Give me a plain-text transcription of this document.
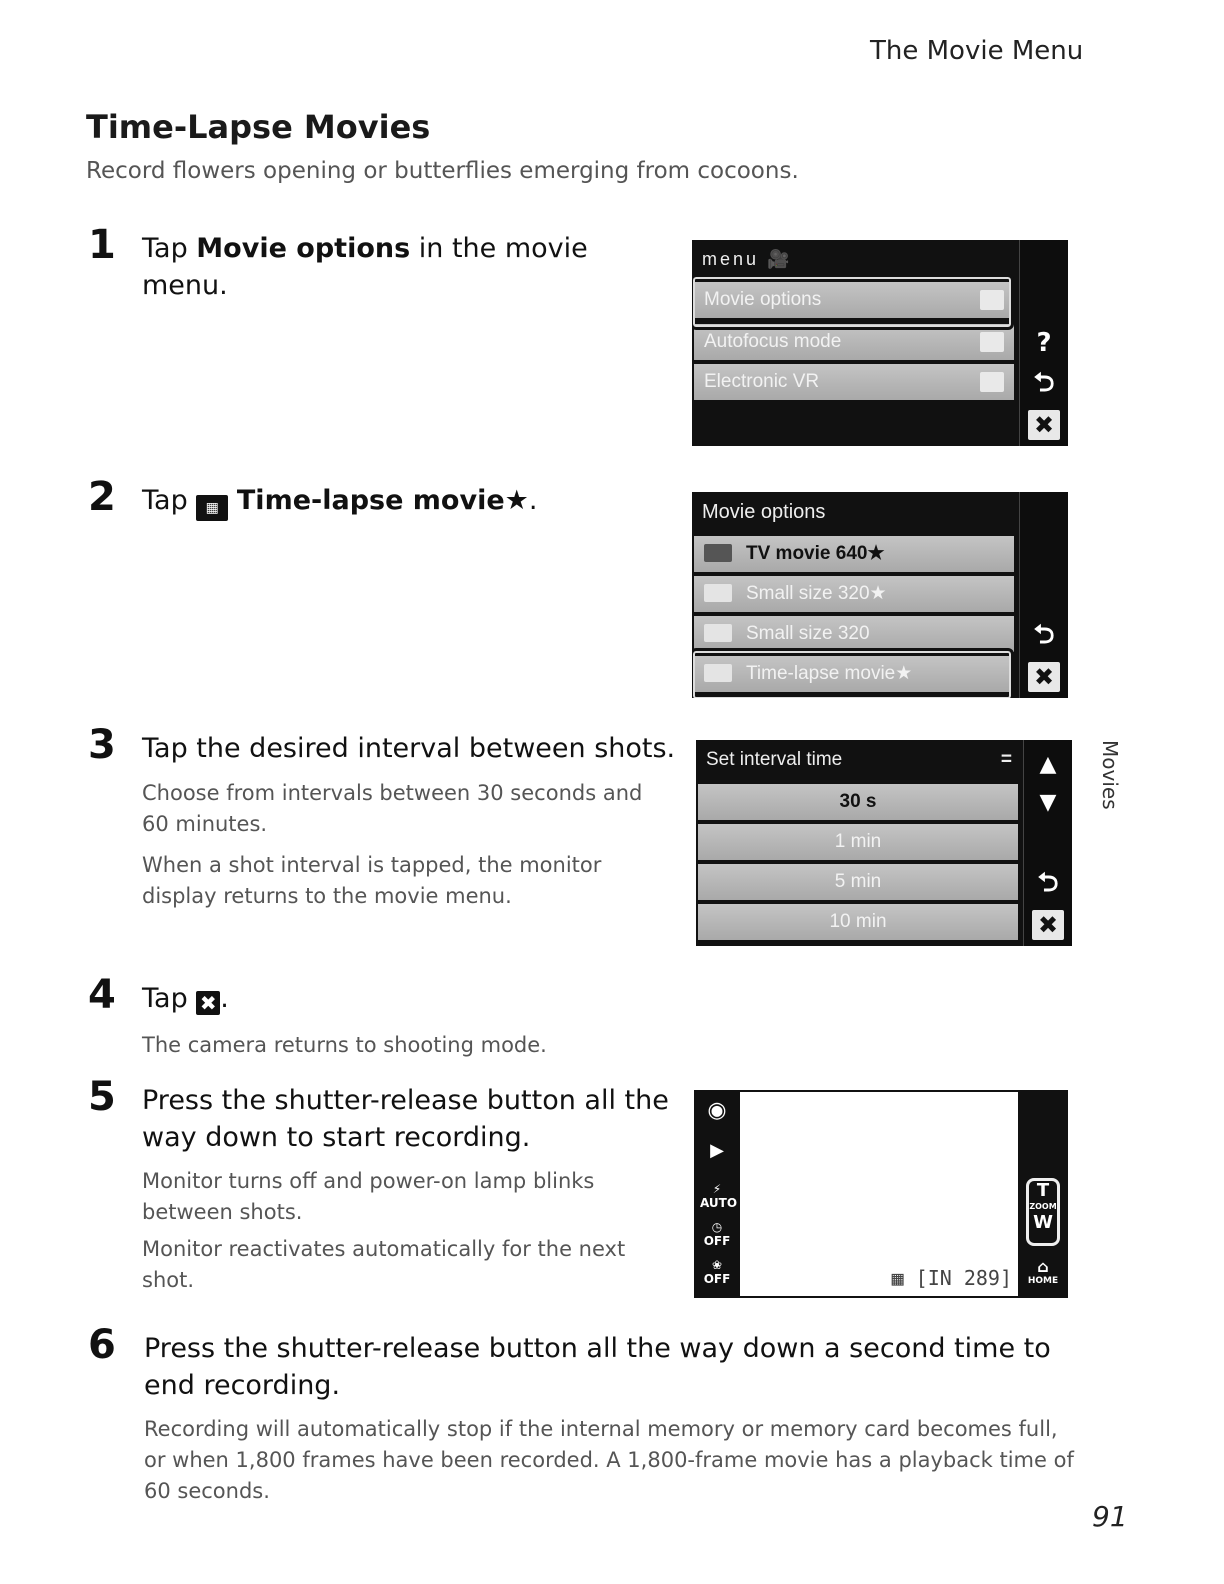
The Movie Menu
Time-Lapse Movies
Record flowers opening or butterflies emerging from cocoons.
1 Tap Movie options in the movie menu.
menu 🎥
Movie options
Autofocus mode
Electronic VR
?
⮌
✖
2 Tap ▦ Time-lapse movie★.	Movie options
TV movie 640★
Small size 320★
Small size 320
Time-lapse movie★
⮌
✖
3 Tap the desired interval between shots.
Choose from intervals between 30 seconds and 60 minutes.
When a shot interval is tapped, the monitor display returns to the movie menu.
Set interval time	=
30 s
1 min
5 min
10 min
▲
▼
⮌
✖
4 Tap ✖ .
The camera returns to shooting mode.
5 Press the shutter-release button all the way down to start recording.
Monitor turns off and power-on lamp blinks between shots.
Monitor reactivates automatically for the next shot.
◉
▶
⚡
AUTO
◷
OFF
❀
OFF	▦ [IN 289]
T
ZOOM
W
⌂
HOME
6 Press the shutter-release button all the way down a second time to end recording.
Recording will automatically stop if the internal memory or memory card becomes full, or when 1,800 frames have been recorded. A 1,800-frame movie has a playback time of 60 seconds.
Movies
91
